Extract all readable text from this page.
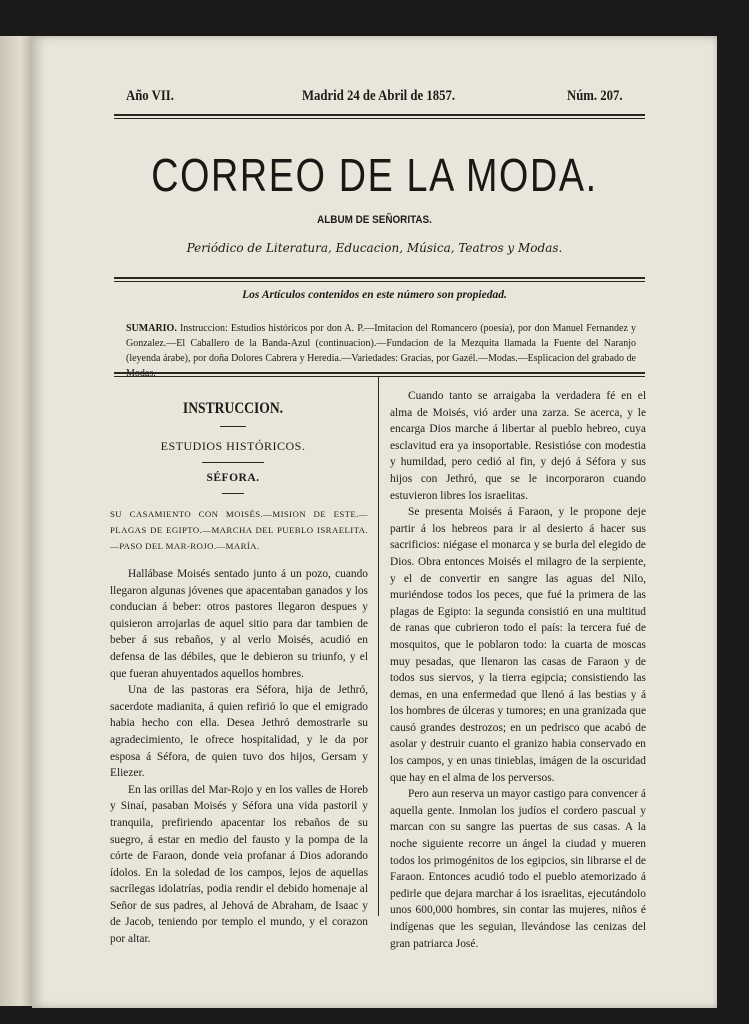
Año VII.	Madrid 24 de Abril de 1857.	Núm. 207.
CORREO DE LA MODA.
ALBUM DE SEÑORITAS.
Periódico de Literatura, Educacion, Música, Teatros y Modas.
Los Artículos contenidos en este número son propiedad.
SUMARIO. Instruccion: Estudios históricos por don A. P.—Imitacion del Romancero (poesía), por don Manuel Fernandez y Gonzalez.—El Caballero de la Banda-Azul (continuacion).—Fundacion de la Mezquita llamada la Fuente del Naranjo (leyenda árabe), por doña Dolores Cabrera y Heredia.—Variedades: Gracias, por Gazél.—Modas.—Esplicacion del grabado de Modas.
INSTRUCCION.
ESTUDIOS HISTÓRICOS.
SÉFORA.

SU CASAMIENTO CON MOISÉS.—MISION DE ESTE.—PLAGAS DE EGIPTO.—MARCHA DEL PUEBLO ISRAELITA.—PASO DEL MAR-ROJO.—MARÍA.

Hallábase Moisés sentado junto á un pozo, cuando llegaron algunas jóvenes que apacentaban ganados y los conducian á beber: otros pastores llegaron despues y quisieron arrojarlas de aquel sitio para dar tambien de beber á sus rebaños, y al verlo Moisés, acudió en defensa de las débiles, que le debieron su triunfo, y el que fueran ahuyentados aquellos hombres.

Una de las pastoras era Séfora, hija de Jethró, sacerdote madianita, á quien refirió lo que el emigrado habia hecho con ella. Desea Jethró demostrarle su agradecimiento, le ofrece hospitalidad, y le da por esposa á Séfora, de quien tuvo dos hijos, Gersam y Eliezer.

En las orillas del Mar-Rojo y en los valles de Horeb y Sinaí, pasaban Moisés y Séfora una vida pastoril y tranquila, prefiriendo apacentar los rebaños de su suegro, á estar en medio del fausto y la pompa de la córte de Faraon, donde veia profanar á Dios adorando ídolos. En la soledad de los campos, lejos de aquellas sacrílegas idolatrías, podia rendir el debido homenaje al Señor de sus padres, al Jehová de Abraham, de Isaac y de Jacob, teniendo por templo el mundo, y el corazon por altar.

Cuando tanto se arraigaba la verdadera fé en el alma de Moisés, vió arder una zarza. Se acerca, y le encarga Dios marche á libertar al pueblo hebreo, cuya esclavitud era ya insoportable. Resistióse con modestia y humildad, pero cedió al fin, y dejó á Séfora y sus hijos con Jethró, que se le incorporaron cuando estuvieron libres los israelitas.

Se presenta Moisés á Faraon, y le propone deje partir á los hebreos para ir al desierto á hacer sus sacrificios: niégase el monarca y se burla del elegido de Dios. Obra entonces Moisés el milagro de la serpiente, y el de convertir en sangre las aguas del Nilo, muriéndose todos los peces, que fué la primera de las plagas de Egipto: la segunda consistió en una multitud de ranas que cubrieron todo el país: la tercera fué de mosquitos, que le poblaron todo: la cuarta de moscas muy pesadas, que llenaron las casas de Faraon y de todos sus siervos, y la tierra egipcia; consistiendo las demas, en una enfermedad que llenó á las bestias y á los hombres de úlceras y tumores; en una granizada que causó grandes destrozos; en un pedrisco que acabó de asolar y destruir cuanto el granizo habia conservado en los campos, y en unas tinieblas, imágen de la oscuridad que hay en el alma de los perversos.

Pero aun reserva un mayor castigo para convencer á aquella gente. Inmolan los judíos el cordero pascual y marcan con su sangre las puertas de sus casas. A la noche siguiente recorre un ángel la ciudad y mueren todos los primogénitos de los egipcios, sin librarse el de Faraon. Entonces acudió todo el pueblo atemorizado á pedirle que dejara marchar á los israelitas, ejecutándolo unos 600,000 hombres, sin contar las mujeres, niños é indígenas que les seguian, llevándose las cenizas del gran patriarca José.
